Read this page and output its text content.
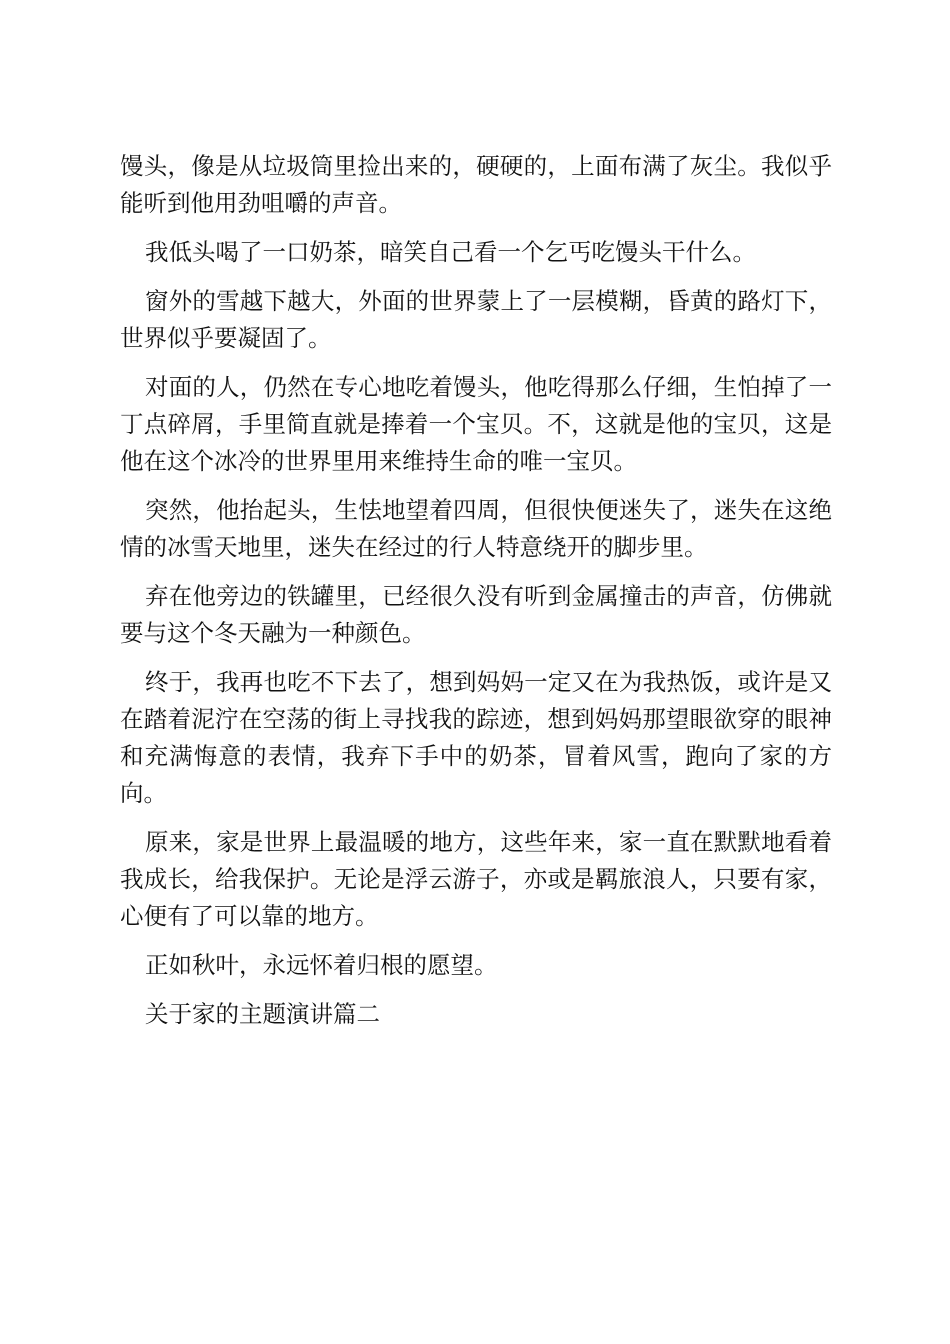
馒头，像是从垃圾筒里捡出来的，硬硬的，上面布满了灰尘。我似乎能听到他用劲咀嚼的声音。

我低头喝了一口奶茶，暗笑自己看一个乞丐吃馒头干什么。

窗外的雪越下越大，外面的世界蒙上了一层模糊，昏黄的路灯下，世界似乎要凝固了。

对面的人，仍然在专心地吃着馒头，他吃得那么仔细，生怕掉了一丁点碎屑，手里简直就是捧着一个宝贝。不，这就是他的宝贝，这是他在这个冰冷的世界里用来维持生命的唯一宝贝。

突然，他抬起头，生怯地望着四周，但很快便迷失了，迷失在这绝情的冰雪天地里，迷失在经过的行人特意绕开的脚步里。

弃在他旁边的铁罐里，已经很久没有听到金属撞击的声音，仿佛就要与这个冬天融为一种颜色。

终于，我再也吃不下去了，想到妈妈一定又在为我热饭，或许是又在踏着泥泞在空荡的街上寻找我的踪迹，想到妈妈那望眼欲穿的眼神和充满悔意的表情，我弃下手中的奶茶，冒着风雪，跑向了家的方向。

原来，家是世界上最温暖的地方，这些年来，家一直在默默地看着我成长，给我保护。无论是浮云游子，亦或是羁旅浪人，只要有家，心便有了可以靠的地方。

正如秋叶，永远怀着归根的愿望。

关于家的主题演讲篇二
